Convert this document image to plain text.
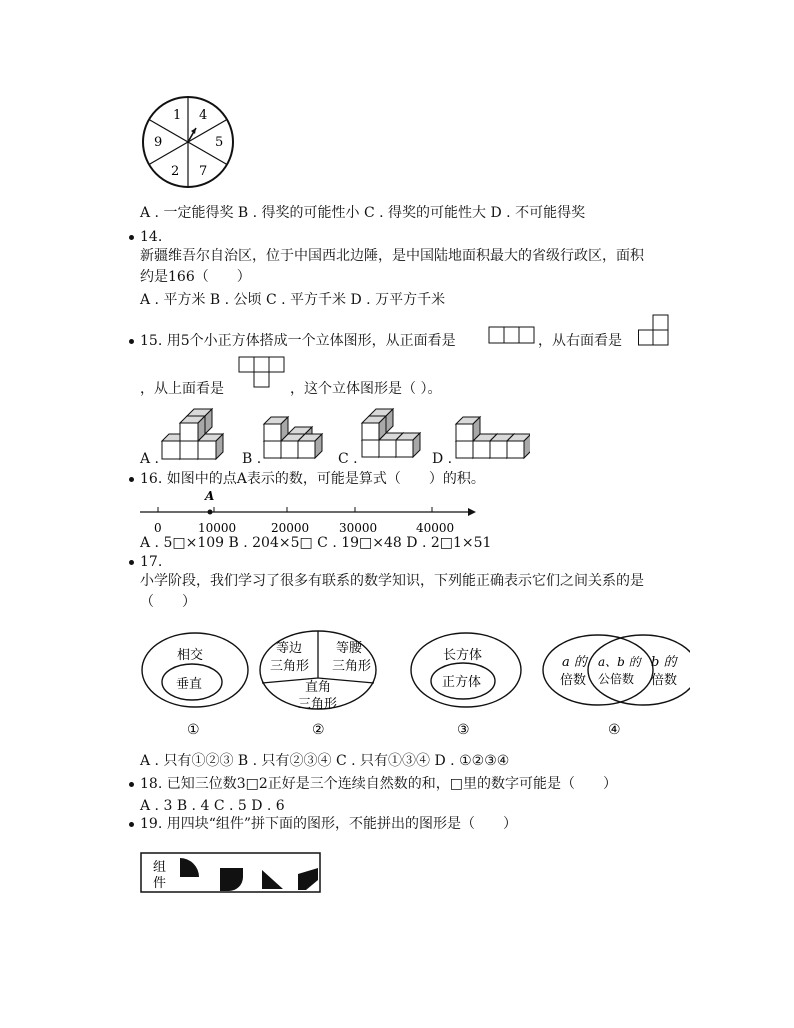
1 4
9	5
2 7
A . 一定能得奖 B . 得奖的可能性小 C . 得奖的可能性大 D . 不可能得奖
14.
新疆维吾尔自治区，位于中国西北边陲，是中国陆地面积最大的省级行政区，面积
约是166（　　）
A . 平方米 B . 公顷 C . 平方千米 D . 万平方千米
15. 用5个小正方体搭成一个立体图形，从正面看是	，从右面看是
，从上面看是	，这个立体图形是（ ）。
A .	B .	C .	D .
16. 如图中的点A表示的数，可能是算式（　　）的积。
A
0	10000	20000 30000	40000
A . 5□×109 B . 204×5□ C . 19□×48 D . 2□1×51
17.
小学阶段，我们学习了很多有联系的数学知识，下列能正确表示它们之间关系的是
（　　）
相交
垂直
①
等边
三角形
等腰
三角形
直角
三角形
②
长方体
正方体
③
a 的
倍数
a、b 的
公倍数
b 的
倍数
④
A . 只有①②③ B . 只有②③④ C . 只有①③④ D . ①②③④
18. 已知三位数3□2正好是三个连续自然数的和，□里的数字可能是（　　）
A . 3 B . 4 C . 5 D . 6
19. 用四块“组件”拼下面的图形，不能拼出的图形是（　　）
组
件
